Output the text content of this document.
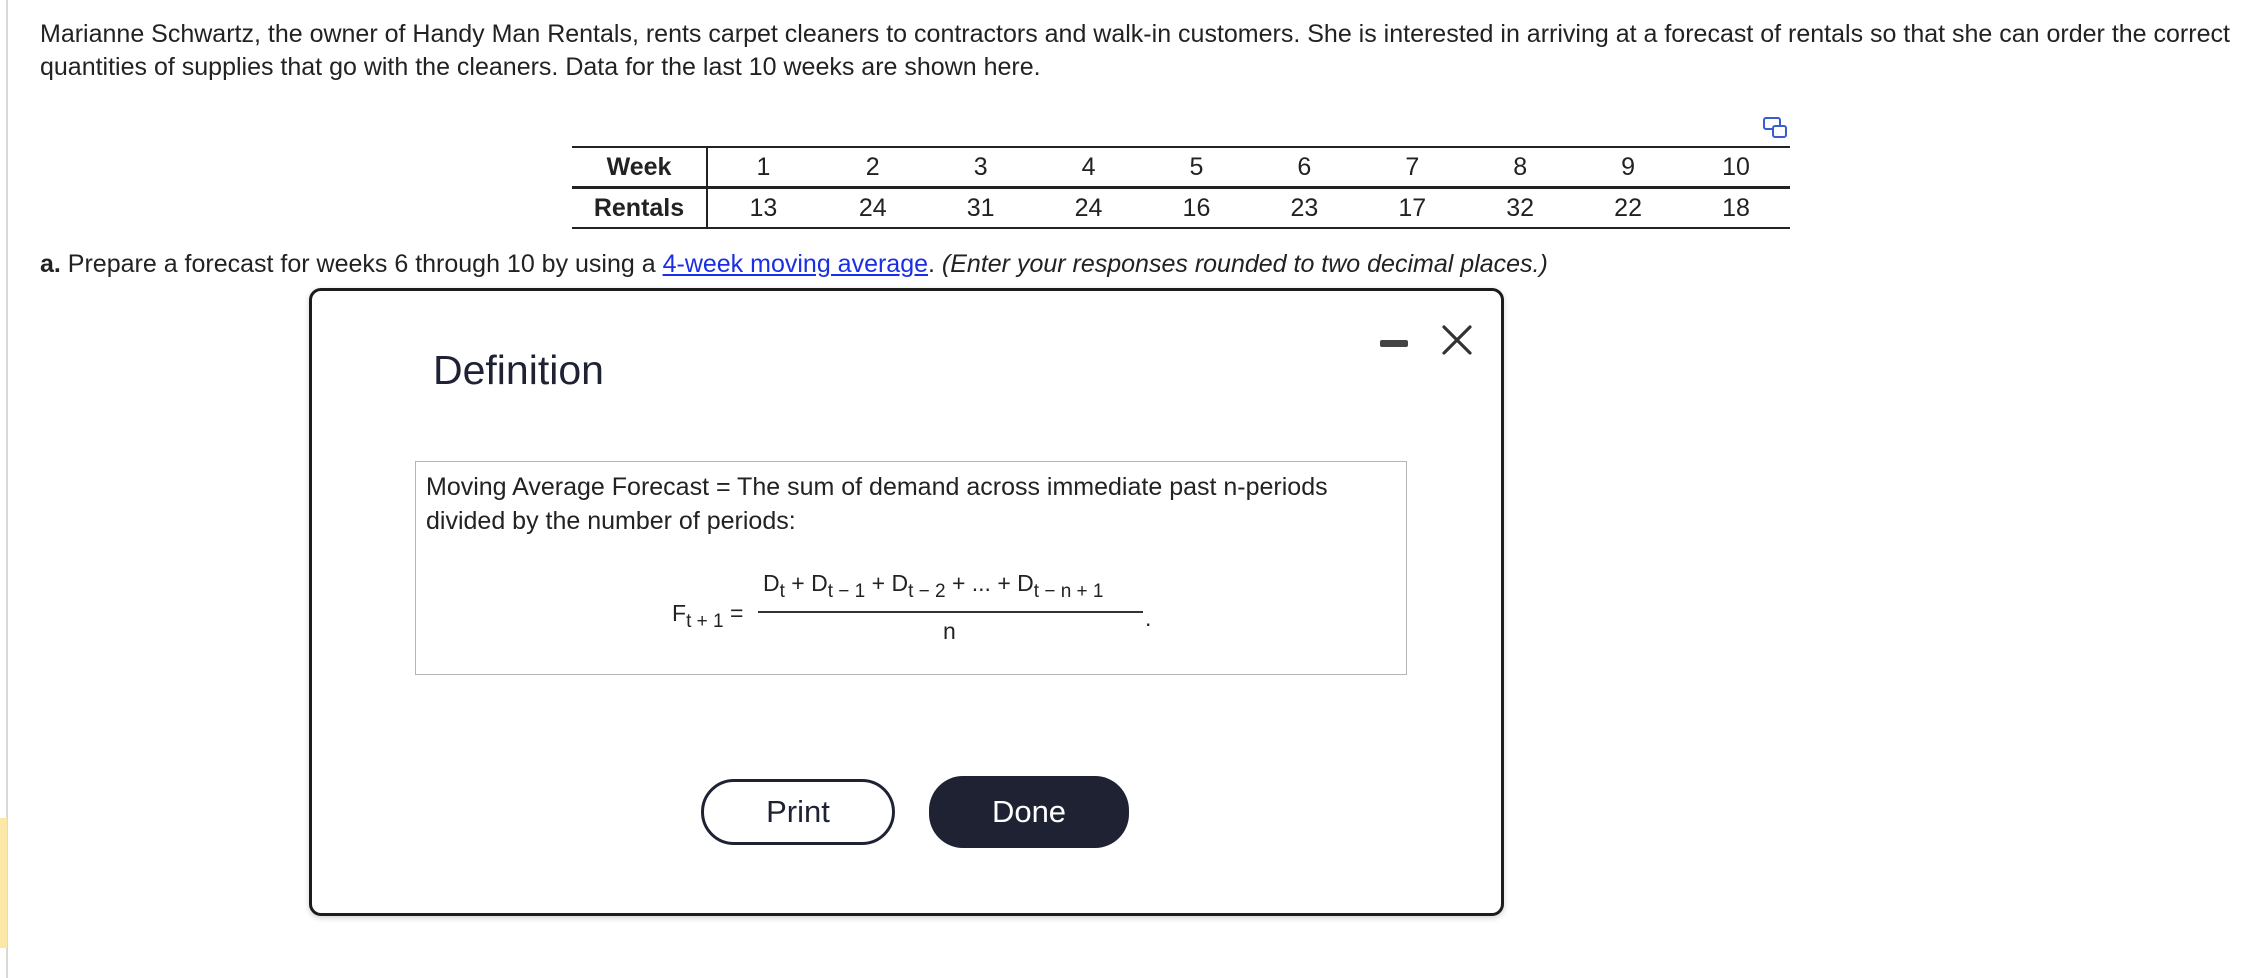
Marianne Schwartz, the owner of Handy Man Rentals, rents carpet cleaners to contractors and walk-in customers. She is interested in arriving at a forecast of rentals so that she can order the correct quantities of supplies that go with the cleaners. Data for the last 10 weeks are shown here.
Week	1	2	3	4	5	6	7	8	9	10
Rentals	13	24	31	24	16	23	17	32	22	18
a. Prepare a forecast for weeks 6 through 10 by using a 4-week moving average. (Enter your responses rounded to two decimal places.)
Definition
Moving Average Forecast = The sum of demand across immediate past n-periods divided by the number of periods:
$F_{t + 1}$ =
$D_t + D_{t - 1} + D_{t - 2}$ + ... + $D_{t - n + 1}$
n	.
Print	Done
